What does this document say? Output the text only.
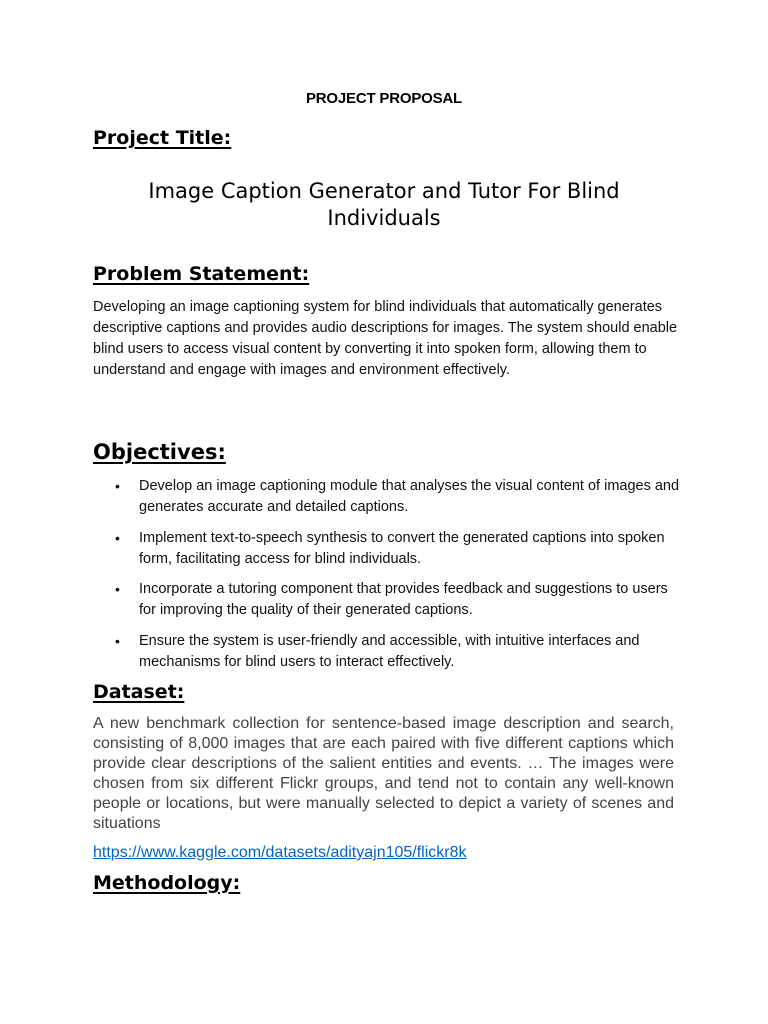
PROJECT PROPOSAL
Project Title:
Image Caption Generator and Tutor For Blind Individuals
Problem Statement:
Developing an image captioning system for blind individuals that automatically generates descriptive captions and provides audio descriptions for images. The system should enable blind users to access visual content by converting it into spoken form, allowing them to understand and engage with images and environment effectively.
Objectives:
• Develop an image captioning module that analyses the visual content of images and generates accurate and detailed captions.
• Implement text-to-speech synthesis to convert the generated captions into spoken form, facilitating access for blind individuals.
• Incorporate a tutoring component that provides feedback and suggestions to users for improving the quality of their generated captions.
• Ensure the system is user-friendly and accessible, with intuitive interfaces and mechanisms for blind users to interact effectively.
Dataset:
A new benchmark collection for sentence-based image description and search, consisting of 8,000 images that are each paired with five different captions which provide clear descriptions of the salient entities and events. … The images were chosen from six different Flickr groups, and tend not to contain any well-known people or locations, but were manually selected to depict a variety of scenes and situations
https://www.kaggle.com/datasets/adityajn105/flickr8k
Methodology:
